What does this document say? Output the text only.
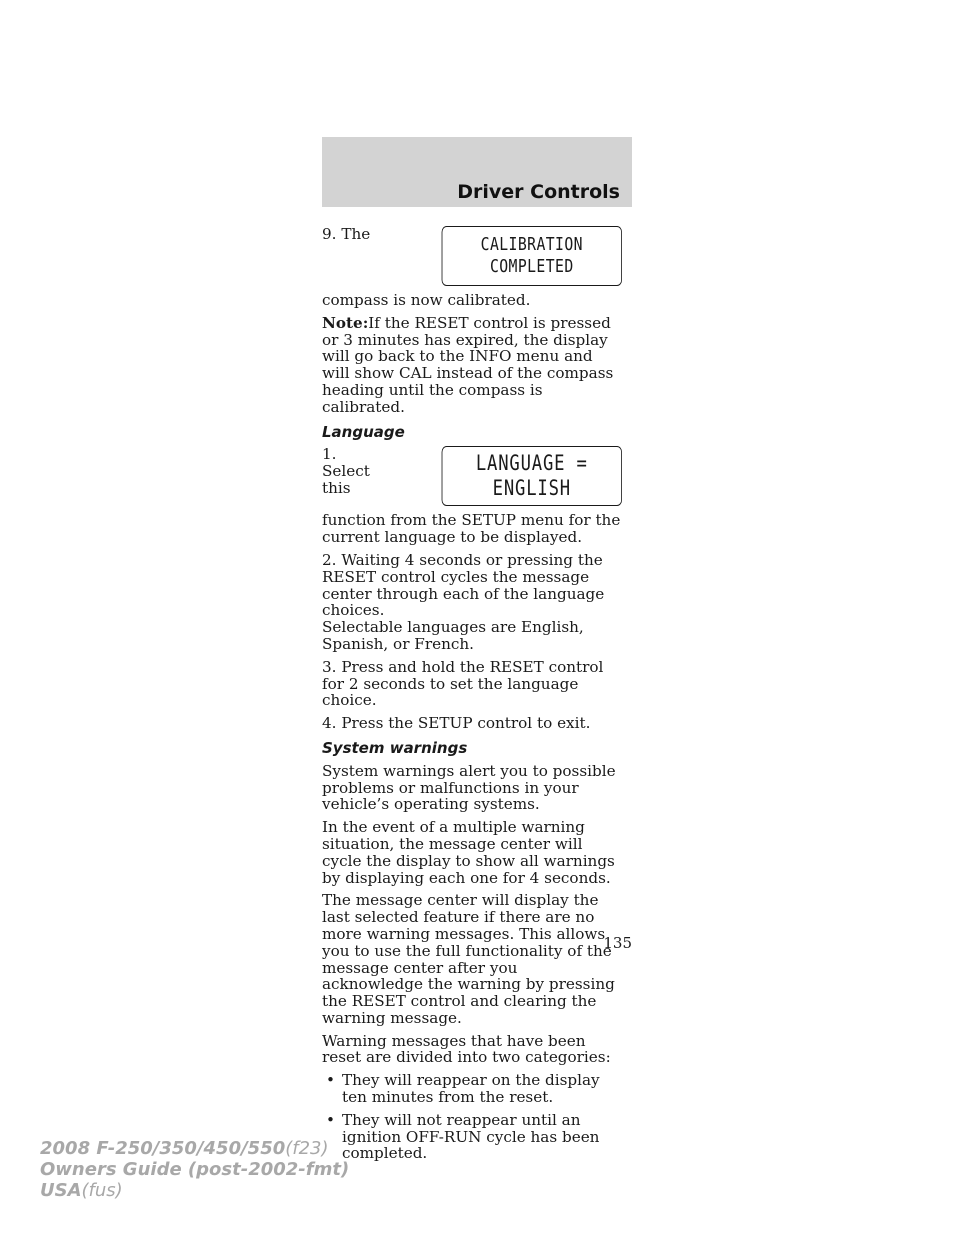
Driver Controls
CALIBRATION
COMPLETED

9. The compass is now calibrated.

Note:If the RESET control is pressed or 3 minutes has expired, the display will go back to the INFO menu and will show CAL instead of the compass heading until the compass is calibrated.

Language
LANGUAGE =
ENGLISH

1. Select this function from the SETUP menu for the current language to be displayed.

2. Waiting 4 seconds or pressing the RESET control cycles the message center through each of the language choices.
Selectable languages are English, Spanish, or French.

3. Press and hold the RESET control for 2 seconds to set the language choice.

4. Press the SETUP control to exit.

System warnings

System warnings alert you to possible problems or malfunctions in your vehicle’s operating systems.

In the event of a multiple warning situation, the message center will cycle the display to show all warnings by displaying each one for 4 seconds.

The message center will display the last selected feature if there are no more warning messages. This allows you to use the full functionality of the message center after you acknowledge the warning by pressing the RESET control and clearing the warning message.

Warning messages that have been reset are divided into two categories:

• They will reappear on the display ten minutes from the reset.
• They will not reappear until an ignition OFF-RUN cycle has been completed.
135
2008 F-250/350/450/550(f23)
Owners Guide (post-2002-fmt)
USA(fus)
